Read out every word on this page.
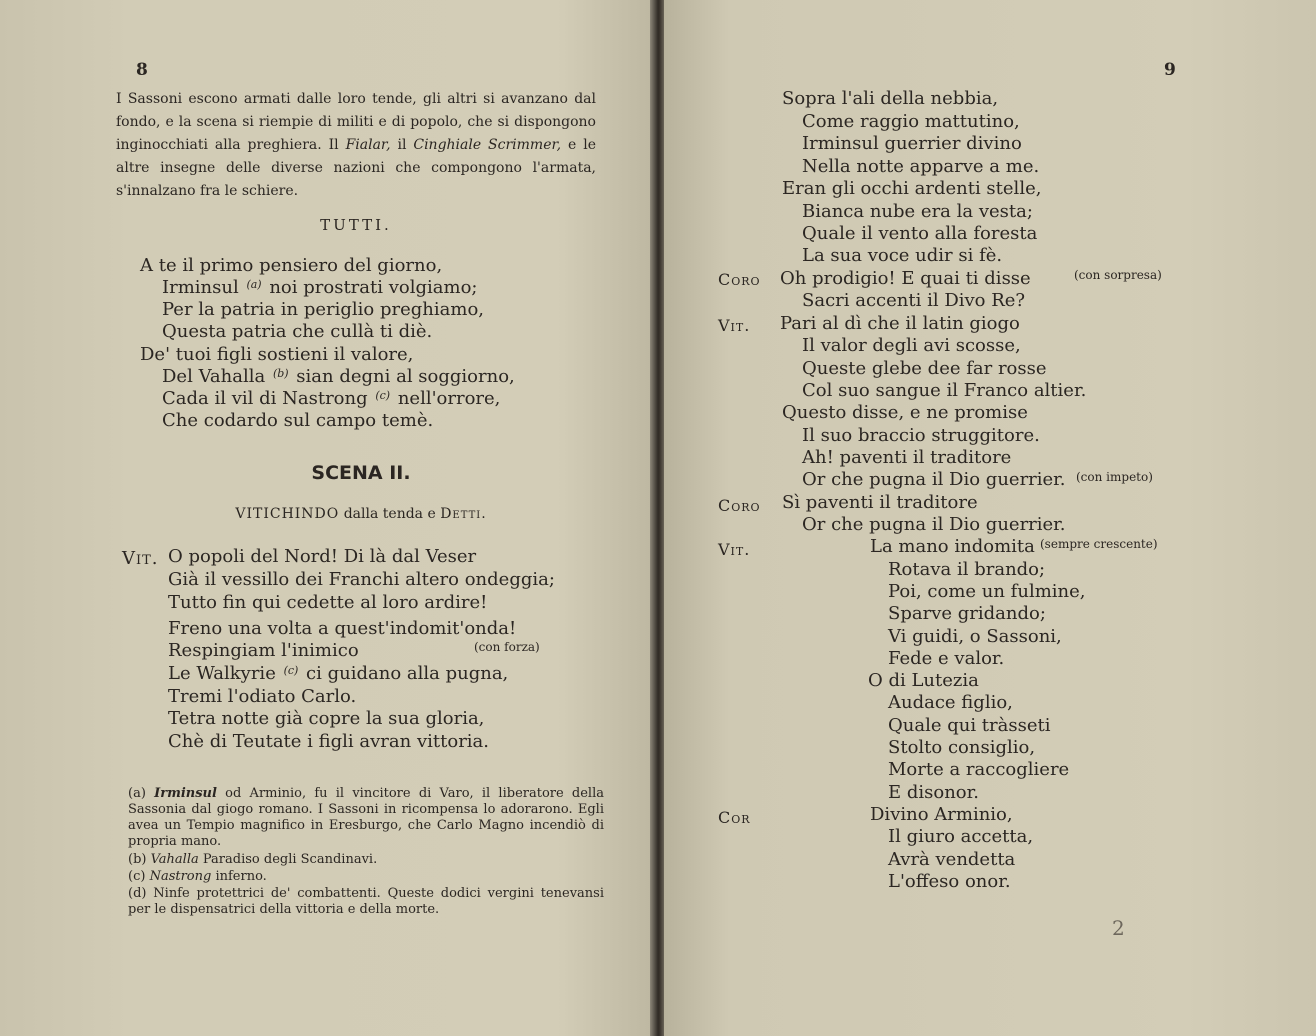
8

I Sassoni escono armati dalle loro tende, gli altri si avanzano dal fondo, e la scena si riempie di militi e di popolo, che si dispongono inginocchiati alla preghiera. Il Fialar, il Cinghiale Scrimmer, e le altre insegne delle diverse nazioni che compongono l'armata, s'innalzano fra le schiere.

TUTTI.

A te il primo pensiero del giorno,

Irminsul $^{(a)}$ noi prostrati volgiamo;

Per la patria in periglio preghiamo,

Questa patria che cullà ti diè.

De' tuoi figli sostieni il valore,

Del Vahalla $^{(b)}$ sian degni al soggiorno,

Cada il vil di Nastrong $^{(c)}$ nell'orrore,

Che codardo sul campo temè.

SCENA II.

VITICHINDO dalla tenda e Detti.

Vit. O popoli del Nord! Di là dal Veser

Già il vessillo dei Franchi altero ondeggia;

Tutto fin qui cedette al loro ardire!

Freno una volta a quest'indomit'onda!

Respingiam l'inimico	(con forza)

Le Walkyrie $^{(c)}$ ci guidano alla pugna,

Tremi l'odiato Carlo.

Tetra notte già copre la sua gloria,

Chè di Teutate i figli avran vittoria.

(a) Irminsul od Arminio, fu il vincitore di Varo, il liberatore della Sassonia dal giogo romano. I Sassoni in ricompensa lo adorarono. Egli avea un Tempio magnifico in Eresburgo, che Carlo Magno incendiò di propria mano.

(b) Vahalla Paradiso degli Scandinavi.

(c) Nastrong inferno.

(d) Ninfe protettrici de' combattenti. Queste dodici vergini tenevansi per le dispensatrici della vittoria e della morte.

9

Sopra l'ali della nebbia,

Come raggio mattutino,

Irminsul guerrier divino

Nella notte apparve a me.

Eran gli occhi ardenti stelle,

Bianca nube era la vesta;

Quale il vento alla foresta

La sua voce udir si fè.

Coro Oh prodigio! E quai ti disse	(con sorpresa)

Sacri accenti il Divo Re?

Vit. Pari al dì che il latin giogo

Il valor degli avi scosse,

Queste glebe dee far rosse

Col suo sangue il Franco altier.

Questo disse, e ne promise

Il suo braccio struggitore.

Ah! paventi il traditore

Or che pugna il Dio guerrier. (con impeto)

Coro Sì paventi il traditore

Or che pugna il Dio guerrier.

Vit.	La mano indomita (sempre crescente)

Rotava il brando;

Poi, come un fulmine,

Sparve gridando;

Vi guidi, o Sassoni,

Fede e valor.

O di Lutezia

Audace figlio,

Quale qui tràsseti

Stolto consiglio,

Morte a raccogliere

E disonor.

Cor	Divino Arminio,

Il giuro accetta,

Avrà vendetta

L'offeso onor.

2
